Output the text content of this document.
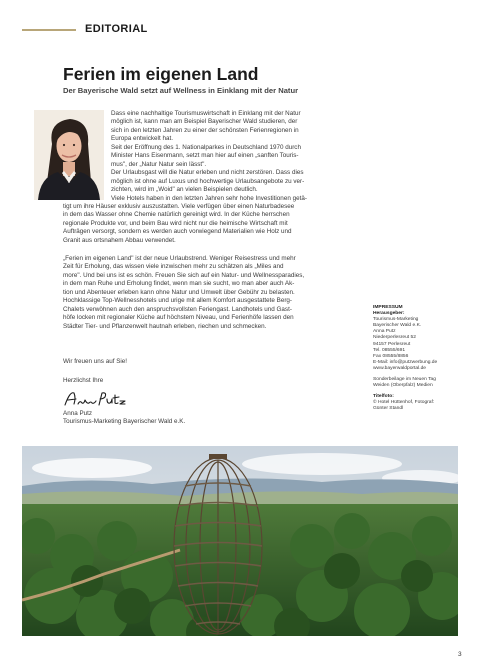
EDITORIAL
Ferien im eigenen Land
Der Bayerische Wald setzt auf Wellness in Einklang mit der Natur
Dass eine nachhaltige Tourismuswirtschaft in Einklang mit der Natur
möglich ist, kann man am Beispiel Bayerischer Wald studieren, der
sich in den letzten Jahren zu einer der schönsten Ferienregionen in
Europa entwickelt hat.
Seit der Eröffnung des 1. Nationalparkes in Deutschland 1970 durch
Minister Hans Eisenmann, setzt man hier auf einen „sanften Touris-
mus", der „Natur Natur sein lässt".
Der Urlaubsgast will die Natur erleben und nicht zerstören. Dass dies
möglich ist ohne auf Luxus und hochwertige Urlaubsangebote zu ver-
zichten, wird im „Woid" an vielen Beispielen deutlich.
Viele Hotels haben in den letzten Jahren sehr hohe Investitionen getä-
tigt um ihre Häuser exklusiv auszustatten. Viele verfügen über einen Naturbadesee
in dem das Wasser ohne Chemie natürlich gereinigt wird. In der Küche herrschen
regionale Produkte vor, und beim Bau wird nicht nur die heimische Wirtschaft mit
Aufträgen versorgt, sondern es werden auch vorwiegend Materialien wie Holz und
Granit aus ortsnahem Abbau verwendet.
„Ferien im eigenen Land" ist der neue Urlaubstrend. Weniger Reisestress und mehr
Zeit für Erholung, das wissen viele inzwischen mehr zu schätzen als „Miles and
more". Und bei uns ist es schön. Freuen Sie sich auf ein Natur- und Wellnessparadies,
in dem man Ruhe und Erholung findet, wenn man sie sucht, wo man aber auch Ak-
tion und Abenteuer erleben kann ohne Natur und Umwelt über Gebühr zu belasten.
Hochklassige Top-Wellnesshotels und urige mit allem Komfort ausgestattete Berg-
Chalets verwöhnen auch den anspruchsvollsten Feriengast. Landhotels und Gast-
höfe locken mit regionaler Küche auf höchstem Niveau, und Ferienhöfe lassen den
Städter Tier- und Pflanzenwelt hautnah erleben, riechen und schmecken.
Wir freuen uns auf Sie!
Herzlichst Ihre
Anna Putz
Tourismus-Marketing Bayerischer Wald e.K.
IMPRESSUM
Herausgeber:
Tourismus-Marketing
Bayerischer Wald e.K.
Anna Putz
Niederperlesreut 52
94157 Perlesreut
Tel. 08555/691
Fax 08555/8856
E-Mail: info@putzwerbung.de
www.bayerwaldportal.de
Sonderbeilage im Neuen Tag
Weiden (Oberpfalz) Medien
Titelfoto:
© Hotel Hüttenhof, Fotograf:
Günter Standl
3
